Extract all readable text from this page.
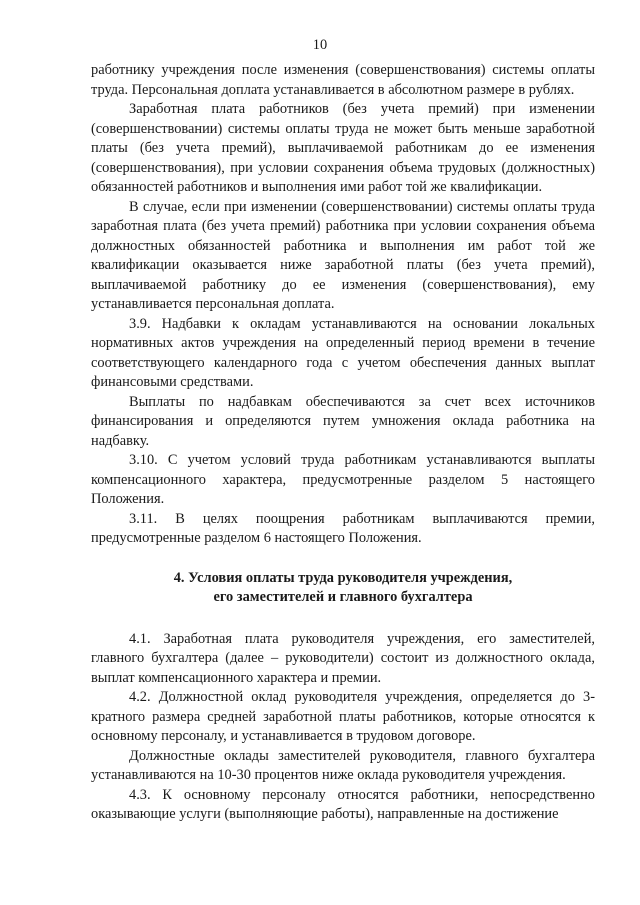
10

работнику учреждения после изменения (совершенствования) системы оплаты труда. Персональная доплата устанавливается в абсолютном размере в рублях.

Заработная плата работников (без учета премий) при изменении (совершенствовании) системы оплаты труда не может быть меньше заработной платы (без учета премий), выплачиваемой работникам до ее изменения (совершенствования), при условии сохранения объема трудовых (должностных) обязанностей работников и выполнения ими работ той же квалификации.

В случае, если при изменении (совершенствовании) системы оплаты труда заработная плата (без учета премий) работника при условии сохранения объема должностных обязанностей работника и выполнения им работ той же квалификации оказывается ниже заработной платы (без учета премий), выплачиваемой работнику до ее изменения (совершенствования), ему устанавливается персональная доплата.

3.9. Надбавки к окладам устанавливаются на основании локальных нормативных актов учреждения на определенный период времени в течение соответствующего календарного года с учетом обеспечения данных выплат финансовыми средствами.

Выплаты по надбавкам обеспечиваются за счет всех источников финансирования и определяются путем умножения оклада работника на надбавку.

3.10. С учетом условий труда работникам устанавливаются выплаты компенсационного характера, предусмотренные разделом 5 настоящего Положения.

3.11. В целях поощрения работникам выплачиваются премии, предусмотренные разделом 6 настоящего Положения.

4. Условия оплаты труда руководителя учреждения,
его заместителей и главного бухгалтера

4.1. Заработная плата руководителя учреждения, его заместителей, главного бухгалтера (далее – руководители) состоит из должностного оклада, выплат компенсационного характера и премии.

4.2. Должностной оклад руководителя учреждения, определяется до 3-кратного размера средней заработной платы работников, которые относятся к основному персоналу, и устанавливается в трудовом договоре.

Должностные оклады заместителей руководителя, главного бухгалтера устанавливаются на 10-30 процентов ниже оклада руководителя учреждения.

4.3. К основному персоналу относятся работники, непосредственно оказывающие услуги (выполняющие работы), направленные на достижение
